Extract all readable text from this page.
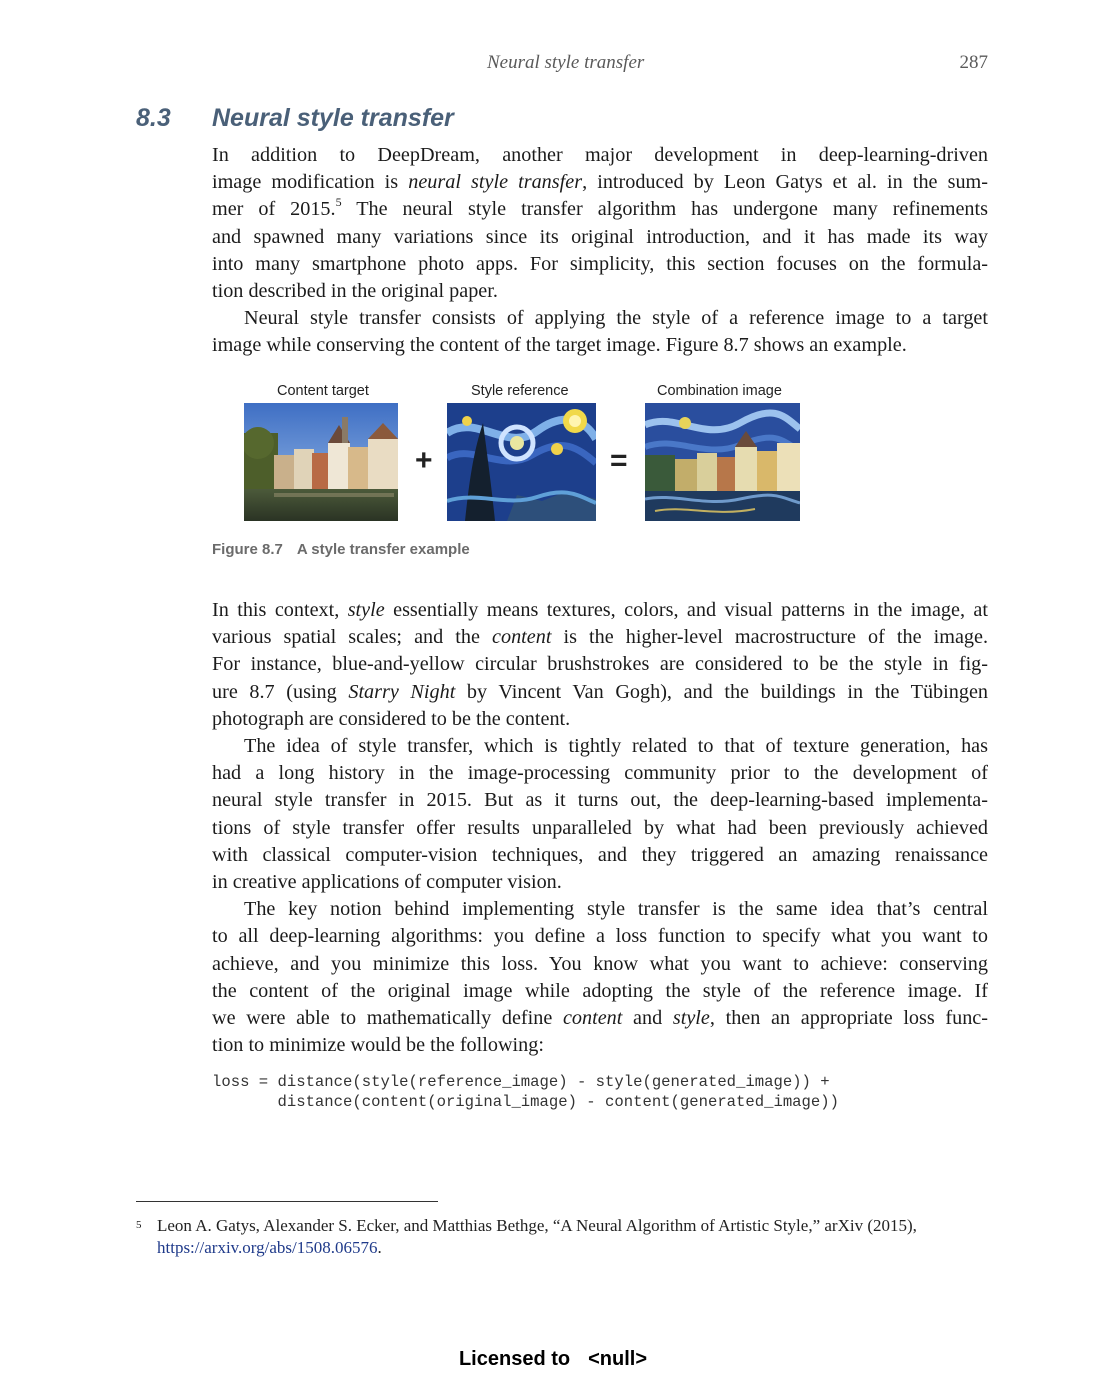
Neural style transfer	287
8.3 Neural style transfer

In addition to DeepDream, another major development in deep-learning-driven
image modification is neural style transfer, introduced by Leon Gatys et al. in the sum-
mer of 2015.$^5$ The neural style transfer algorithm has undergone many refinements
and spawned many variations since its original introduction, and it has made its way
into many smartphone photo apps. For simplicity, this section focuses on the formula-
tion described in the original paper.

Neural style transfer consists of applying the style of a reference image to a target
image while conserving the content of the target image. Figure 8.7 shows an example.

Content target	Style reference	Combination image
+	=
Figure 8.7 A style transfer example

In this context, style essentially means textures, colors, and visual patterns in the image, at
various spatial scales; and the content is the higher-level macrostructure of the image.
For instance, blue-and-yellow circular brushstrokes are considered to be the style in fig-
ure 8.7 (using Starry Night by Vincent Van Gogh), and the buildings in the Tübingen
photograph are considered to be the content.

The idea of style transfer, which is tightly related to that of texture generation, has
had a long history in the image-processing community prior to the development of
neural style transfer in 2015. But as it turns out, the deep-learning-based implementa-
tions of style transfer offer results unparalleled by what had been previously achieved
with classical computer-vision techniques, and they triggered an amazing renaissance
in creative applications of computer vision.

The key notion behind implementing style transfer is the same idea that’s central
to all deep-learning algorithms: you define a loss function to specify what you want to
achieve, and you minimize this loss. You know what you want to achieve: conserving
the content of the original image while adopting the style of the reference image. If
we were able to mathematically define content and style, then an appropriate loss func-
tion to minimize would be the following:

loss = distance(style(reference_image) - style(generated_image)) +
distance(content(original_image) - content(generated_image))
5 Leon A. Gatys, Alexander S. Ecker, and Matthias Bethge, “A Neural Algorithm of Artistic Style,” arXiv (2015),
https://arxiv.org/abs/1508.06576.
Licensed to <null>
